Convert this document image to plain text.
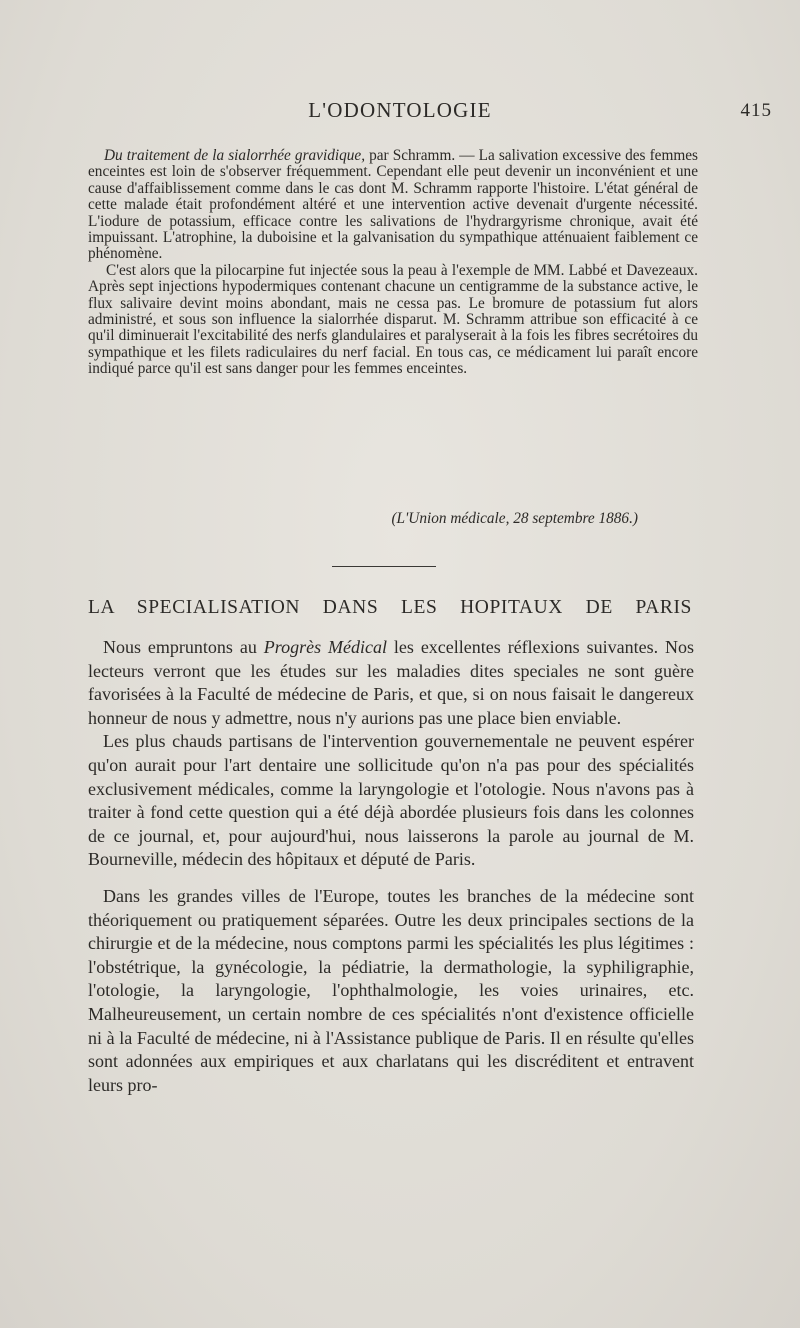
L'ODONTOLOGIE	415

Du traitement de la sialorrhée gravidique, par Schramm. — La salivation excessive des femmes enceintes est loin de s'observer fréquemment. Cependant elle peut devenir un inconvénient et une cause d'affaiblissement comme dans le cas dont M. Schramm rapporte l'histoire. L'état général de cette malade était profondément altéré et une intervention active devenait d'urgente nécessité. L'iodure de potassium, efficace contre les salivations de l'hydrargyrisme chronique, avait été impuissant. L'atrophine, la duboisine et la galvanisation du sympathique atténuaient faiblement ce phénomène.

C'est alors que la pilocarpine fut injectée sous la peau à l'exemple de MM. Labbé et Davezeaux. Après sept injections hypodermiques contenant chacune un centigramme de la substance active, le flux salivaire devint moins abondant, mais ne cessa pas. Le bromure de potassium fut alors administré, et sous son influence la sialorrhée disparut. M. Schramm attribue son efficacité à ce qu'il diminuerait l'excitabilité des nerfs glandulaires et paralyserait à la fois les fibres secrétoires du sympathique et les filets radiculaires du nerf facial. En tous cas, ce médicament lui paraît encore indiqué parce qu'il est sans danger pour les femmes enceintes.

(L'Union médicale, 28 septembre 1886.)
LA SPECIALISATION DANS LES HOPITAUX DE PARIS

Nous empruntons au Progrès Médical les excellentes réflexions suivantes. Nos lecteurs verront que les études sur les maladies dites speciales ne sont guère favorisées à la Faculté de médecine de Paris, et que, si on nous faisait le dangereux honneur de nous y admettre, nous n'y aurions pas une place bien enviable.

Les plus chauds partisans de l'intervention gouvernementale ne peuvent espérer qu'on aurait pour l'art dentaire une sollicitude qu'on n'a pas pour des spécialités exclusivement médicales, comme la laryngologie et l'otologie. Nous n'avons pas à traiter à fond cette question qui a été déjà abordée plusieurs fois dans les colonnes de ce journal, et, pour aujourd'hui, nous laisserons la parole au journal de M. Bourneville, médecin des hôpitaux et député de Paris.

Dans les grandes villes de l'Europe, toutes les branches de la médecine sont théoriquement ou pratiquement séparées. Outre les deux principales sections de la chirurgie et de la médecine, nous comptons parmi les spécialités les plus légitimes : l'obstétrique, la gynécologie, la pédiatrie, la dermathologie, la syphiligraphie, l'otologie, la laryngologie, l'ophthalmologie, les voies urinaires, etc. Malheureusement, un certain nombre de ces spécialités n'ont d'existence officielle ni à la Faculté de médecine, ni à l'Assistance publique de Paris. Il en résulte qu'elles sont adonnées aux empiriques et aux charlatans qui les discréditent et entravent leurs pro-
